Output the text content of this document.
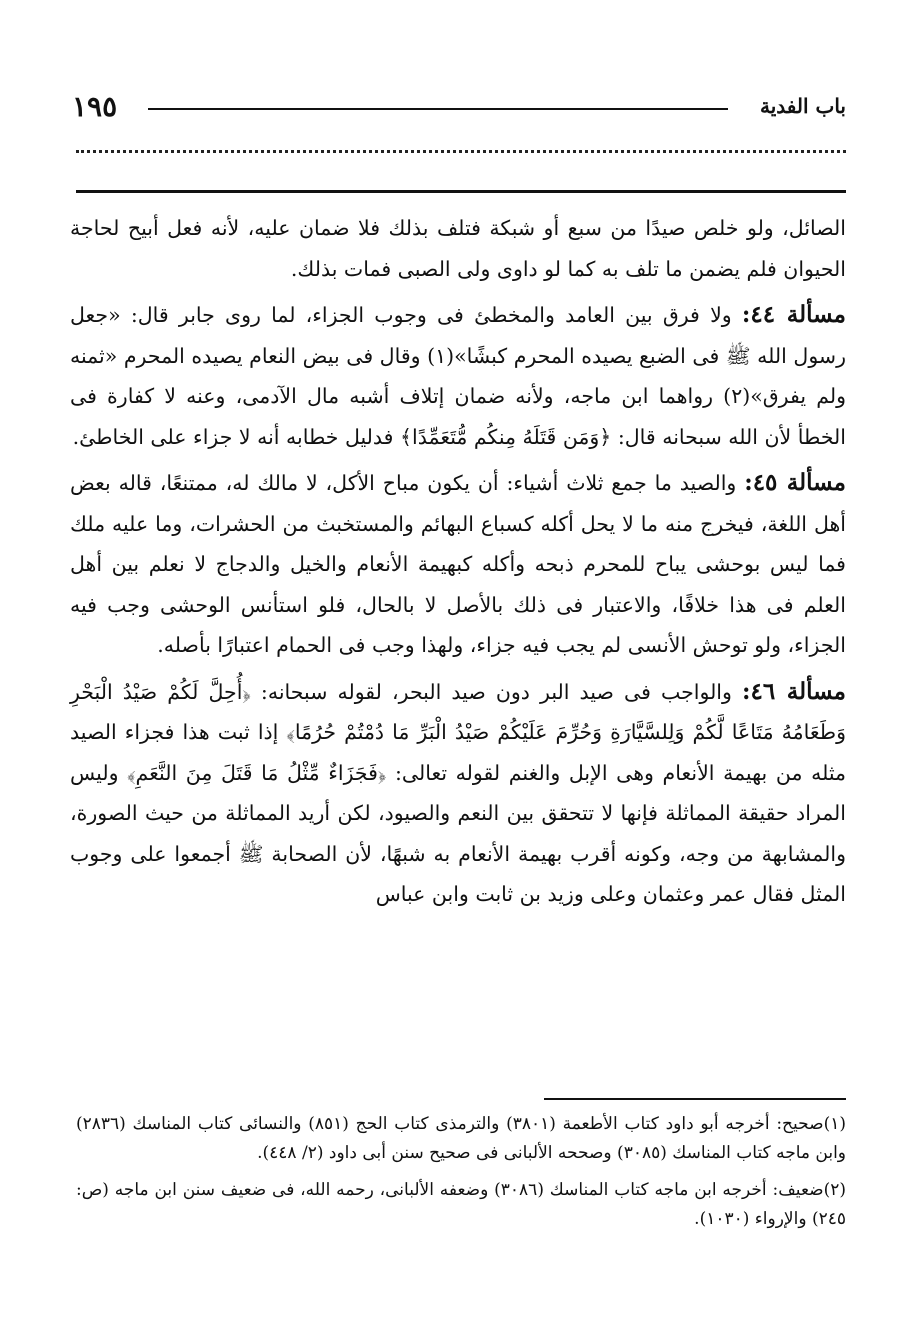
باب الفدية
١٩٥

الصائل، ولو خلص صيدًا من سبع أو شبكة فتلف بذلك فلا ضمان عليه، لأنه فعل أبيح لحاجة الحيوان فلم يضمن ما تلف به كما لو داوى ولى الصبى فمات بذلك.

مسألة ٤٤: ولا فرق بين العامد والمخطئ فى وجوب الجزاء، لما روى جابر قال: «جعل رسول الله ﷺ فى الضبع يصيده المحرم كبشًا»(١) وقال فى بيض النعام يصيده المحرم «ثمنه ولم يفرق»(٢) رواهما ابن ماجه، ولأنه ضمان إتلاف أشبه مال الآدمى، وعنه لا كفارة فى الخطأ لأن الله سبحانه قال: ﴿وَمَن قَتَلَهُ مِنكُم مُّتَعَمِّدًا﴾ فدليل خطابه أنه لا جزاء على الخاطئ.

مسألة ٤٥: والصيد ما جمع ثلاث أشياء: أن يكون مباح الأكل، لا مالك له، ممتنعًا، قاله بعض أهل اللغة، فيخرج منه ما لا يحل أكله كسباع البهائم والمستخبث من الحشرات، وما عليه ملك فما ليس بوحشى يباح للمحرم ذبحه وأكله كبهيمة الأنعام والخيل والدجاج لا نعلم بين أهل العلم فى هذا خلافًا، والاعتبار فى ذلك بالأصل لا بالحال، فلو استأنس الوحشى وجب فيه الجزاء، ولو توحش الأنسى لم يجب فيه جزاء، ولهذا وجب فى الحمام اعتبارًا بأصله.

مسألة ٤٦: والواجب فى صيد البر دون صيد البحر، لقوله سبحانه: ﴿أُحِلَّ لَكُمْ صَيْدُ الْبَحْرِ وَطَعَامُهُ مَتَاعًا لَّكُمْ وَلِلسَّيَّارَةِ وَحُرِّمَ عَلَيْكُمْ صَيْدُ الْبَرِّ مَا دُمْتُمْ حُرُمًا﴾ إذا ثبت هذا فجزاء الصيد مثله من بهيمة الأنعام وهى الإبل والغنم لقوله تعالى: ﴿فَجَزَاءٌ مِّثْلُ مَا قَتَلَ مِنَ النَّعَمِ﴾ وليس المراد حقيقة المماثلة فإنها لا تتحقق بين النعم والصيود، لكن أريد المماثلة من حيث الصورة، والمشابهة من وجه، وكونه أقرب بهيمة الأنعام به شبهًا، لأن الصحابة ﷺ أجمعوا على وجوب المثل فقال عمر وعثمان وعلى وزيد بن ثابت وابن عباس

(١)صحيح: أخرجه أبو داود كتاب الأطعمة (٣٨٠١) والترمذى كتاب الحج (٨٥١) والنسائى كتاب المناسك (٢٨٣٦) وابن ماجه كتاب المناسك (٣٠٨٥) وصححه الألبانى فى صحيح سنن أبى داود (٢/ ٤٤٨).

(٢)ضعيف: أخرجه ابن ماجه كتاب المناسك (٣٠٨٦) وضعفه الألبانى، رحمه الله، فى ضعيف سنن ابن ماجه (ص: ٢٤٥) والإرواء (١٠٣٠).
